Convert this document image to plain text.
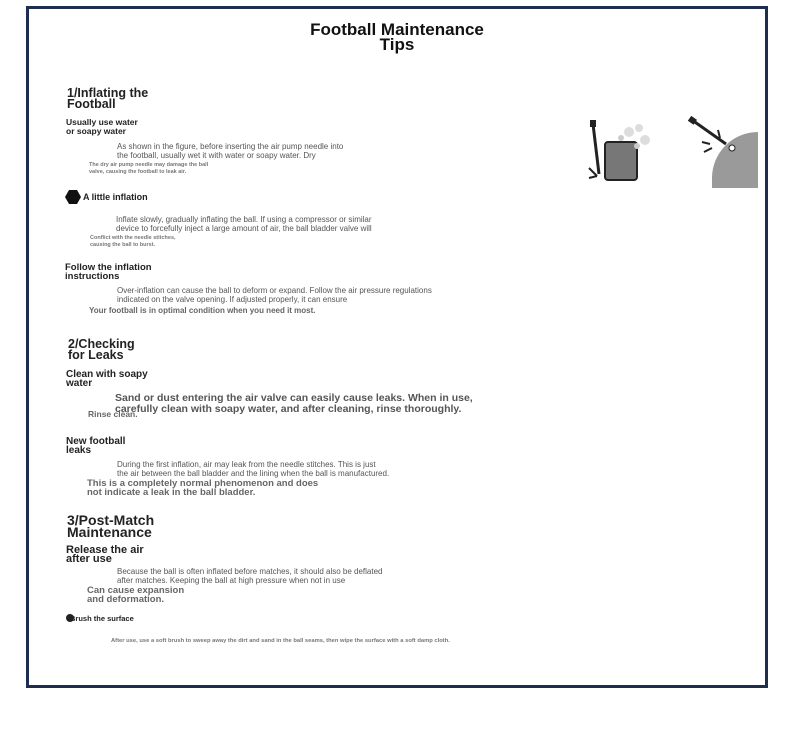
Football Maintenance
Tips
1/Inflating the
Football
Usually use water
or soapy water
As shown in the figure, before inserting the air pump needle into
the football, usually wet it with water or soapy water. Dry
The dry air pump needle may damage the ball
valve, causing the football to leak air.
A little inflation
Inflate slowly, gradually inflating the ball. If using a compressor or similar
device to forcefully inject a large amount of air, the ball bladder valve will
Conflict with the needle stitches,
causing the ball to burst.
Follow the inflation
instructions
Over-inflation can cause the ball to deform or expand. Follow the air pressure regulations
indicated on the valve opening. If adjusted properly, it can ensure
Your football is in optimal condition when you need it most.
2/Checking
for Leaks
Clean with soapy
water
Sand or dust entering the air valve can easily cause leaks. When in use,
carefully clean with soapy water, and after cleaning, rinse thoroughly.
Rinse clean.
New football
leaks
During the first inflation, air may leak from the needle stitches. This is just
the air between the ball bladder and the lining when the ball is manufactured.
This is a completely normal phenomenon and does
not indicate a leak in the ball bladder.
3/Post-Match
Maintenance
Release the air
after use
Because the ball is often inflated before matches, it should also be deflated
after matches. Keeping the ball at high pressure when not in use
Can cause expansion
and deformation.
Brush the surface
After use, use a soft brush to sweep away the dirt and sand in the ball seams, then wipe the surface with a soft damp cloth.
